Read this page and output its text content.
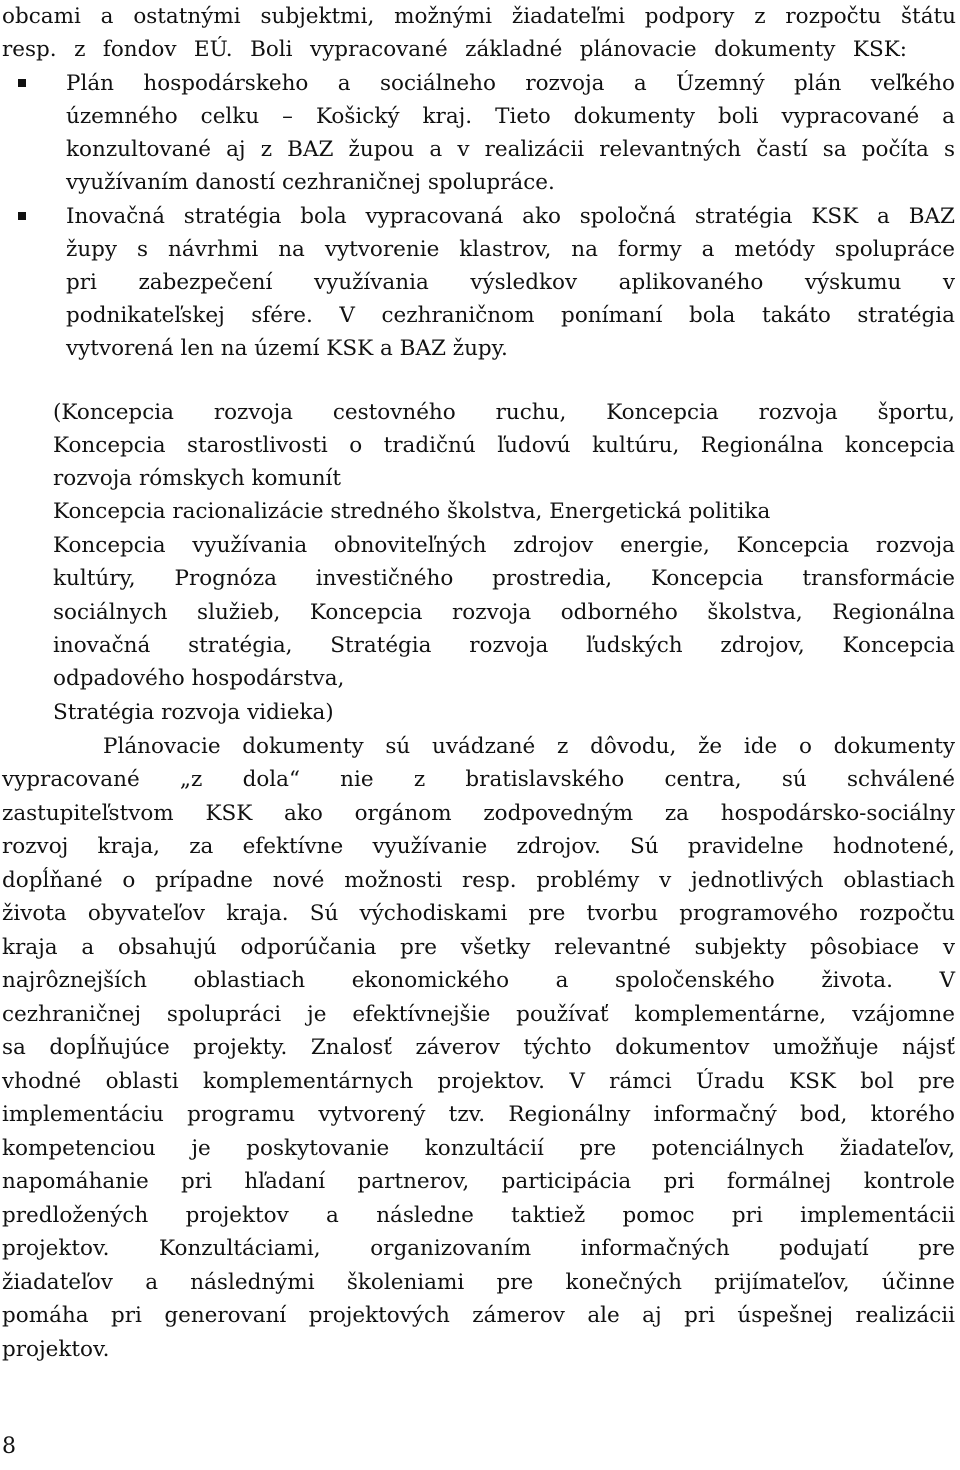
obcami a ostatnými subjektmi, možnými žiadateľmi podpory z rozpočtu štátu
resp. z fondov EÚ. Boli vypracované základné plánovacie dokumenty KSK:
Plán hospodárskeho a sociálneho rozvoja a Územný plán veľkého
územného celku – Košický kraj. Tieto dokumenty boli vypracované a
konzultované aj z BAZ župou a v realizácii relevantných častí sa počíta s
využívaním daností cezhraničnej spolupráce.
Inovačná stratégia bola vypracovaná ako spoločná stratégia KSK a BAZ
župy s návrhmi na vytvorenie klastrov, na formy a metódy spolupráce
pri zabezpečení využívania výsledkov aplikovaného výskumu v
podnikateľskej sfére. V cezhraničnom ponímaní bola takáto stratégia
vytvorená len na území KSK a BAZ župy.
(Koncepcia rozvoja cestovného ruchu, Koncepcia rozvoja športu,
Koncepcia starostlivosti o tradičnú ľudovú kultúru, Regionálna koncepcia
rozvoja rómskych komunít
Koncepcia racionalizácie stredného školstva, Energetická politika
Koncepcia využívania obnoviteľných zdrojov energie, Koncepcia rozvoja
kultúry, Prognóza investičného prostredia, Koncepcia transformácie
sociálnych služieb, Koncepcia rozvoja odborného školstva, Regionálna
inovačná stratégia, Stratégia rozvoja ľudských zdrojov, Koncepcia
odpadového hospodárstva,
Stratégia rozvoja vidieka)
Plánovacie dokumenty sú uvádzané z dôvodu, že ide o dokumenty
vypracované „z dola“ nie z bratislavského centra, sú schválené
zastupiteľstvom KSK ako orgánom zodpovedným za hospodársko-sociálny
rozvoj kraja, za efektívne využívanie zdrojov. Sú pravidelne hodnotené,
dopĺňané o prípadne nové možnosti resp. problémy v jednotlivých oblastiach
života obyvateľov kraja. Sú východiskami pre tvorbu programového rozpočtu
kraja a obsahujú odporúčania pre všetky relevantné subjekty pôsobiace v
najrôznejších oblastiach ekonomického a spoločenského života. V
cezhraničnej spolupráci je efektívnejšie používať komplementárne, vzájomne
sa dopĺňujúce projekty. Znalosť záverov týchto dokumentov umožňuje nájsť
vhodné oblasti komplementárnych projektov. V rámci Úradu KSK bol pre
implementáciu programu vytvorený tzv. Regionálny informačný bod, ktorého
kompetenciou je poskytovanie konzultácií pre potenciálnych žiadateľov,
napomáhanie pri hľadaní partnerov, participácia pri formálnej kontrole
predložených projektov a následne taktiež pomoc pri implementácii
projektov. Konzultáciami, organizovaním informačných podujatí pre
žiadateľov a následnými školeniami pre konečných prijímateľov, účinne
pomáha pri generovaní projektových zámerov ale aj pri úspešnej realizácii
projektov.
8
